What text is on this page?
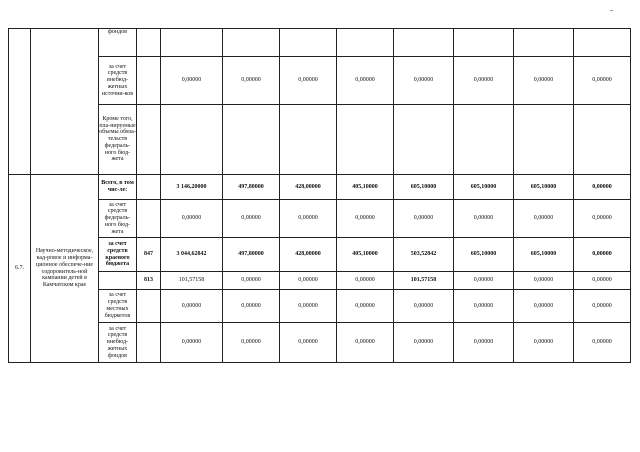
		фондов									
		за счет средств внебюд-жетных источни-ков		0,00000	0,00000	0,00000	0,00000	0,00000	0,00000	0,00000	0,00000
		Кроме того, пла-нируемые объемы обяза-тельств федераль-ного бюд-жета									
6.7.	Научно-методическое, кад-ровое и информа-ционное обеспече-ние оздоровитель-ной кампании детей в Камчатском крае	Всего, в том чис-ле:		3 146,20000	497,80000	428,00000	405,10000	605,10000	605,10000	605,10000	0,00000
		за счет средств федераль-ного бюд-жета		0,00000	0,00000	0,00000	0,00000	0,00000	0,00000	0,00000	0,00000
		за счет средств краевого бюджета	847	3 044,62842	497,80000	428,00000	405,10000	503,52842	605,10000	605,10000	0,00000
			813	101,57158	0,00000	0,00000	0,00000	101,57158	0,00000	0,00000	0,00000
		за счет средств местных бюджетов		0,00000	0,00000	0,00000	0,00000	0,00000	0,00000	0,00000	0,00000
		за счет средств внебюд-жетных фондов		0,00000	0,00000	0,00000	0,00000	0,00000	0,00000	0,00000	0,00000
